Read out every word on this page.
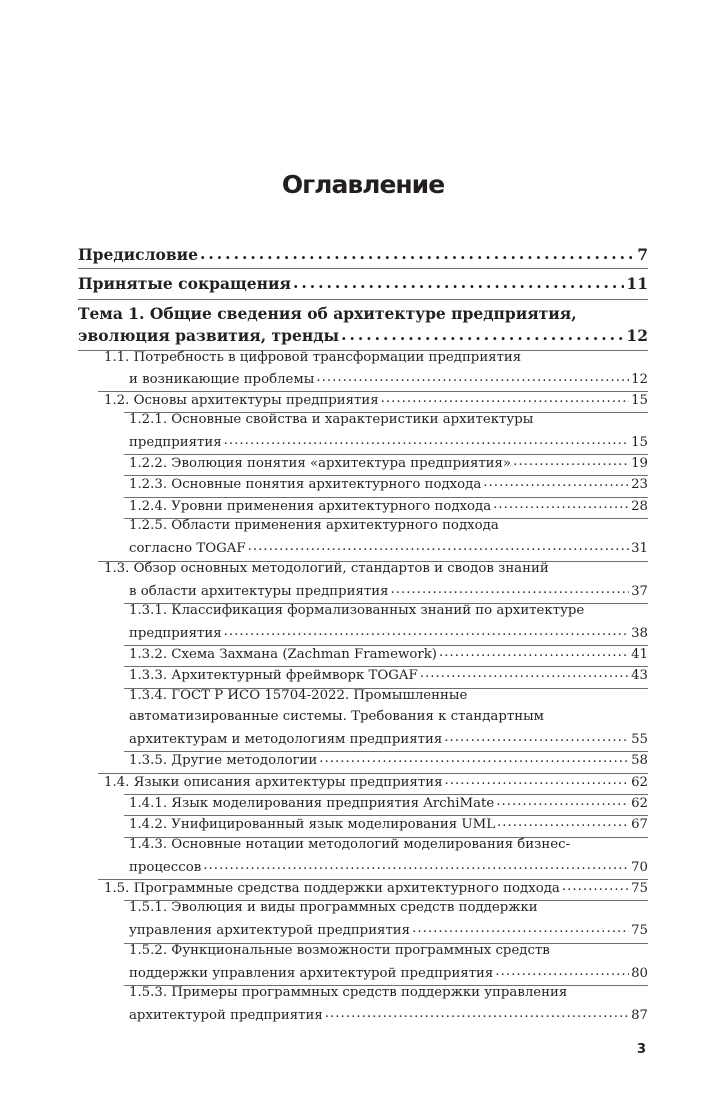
Оглавление
Предисловие . . .	7
Принятые сокращения . . .	11
Тема 1. Общие сведения об архитектуре предприятия,
эволюция развития, тренды . . .	12
1.1. Потребность в цифровой трансформации предприятия
и возникающие проблемы . . .	12
1.2. Основы архитектуры предприятия . . .	15
1.2.1. Основные свойства и характеристики архитектуры
предприятия . . .	15
1.2.2. Эволюция понятия «архитектура предприятия» . . .	19
1.2.3. Основные понятия архитектурного подхода . . .	23
1.2.4. Уровни применения архитектурного подхода . . .	28
1.2.5. Области применения архитектурного подхода
согласно TOGAF . . .	31
1.3. Обзор основных методологий, стандартов и сводов знаний
в области архитектуры предприятия . . .	37
1.3.1. Классификация формализованных знаний по архитектуре
предприятия . . .	38
1.3.2. Схема Захмана (Zachman Framework) . . .	41
1.3.3. Архитектурный фреймворк TOGAF . . .	43
1.3.4. ГОСТ Р ИСО 15704-2022. Промышленные
автоматизированные системы. Требования к стандартным
архитектурам и методологиям предприятия . . .	55
1.3.5. Другие методологии . . .	58
1.4. Языки описания архитектуры предприятия . . .	62
1.4.1. Язык моделирования предприятия ArchiMate . . .	62
1.4.2. Унифицированный язык моделирования UML . . .	67
1.4.3. Основные нотации методологий моделирования бизнес-
процессов . . .	70
1.5. Программные средства поддержки архитектурного подхода . . .	75
1.5.1. Эволюция и виды программных средств поддержки
управления архитектурой предприятия . . .	75
1.5.2. Функциональные возможности программных средств
поддержки управления архитектурой предприятия . . .	80
1.5.3. Примеры программных средств поддержки управления
архитектурой предприятия . . .	87
3
